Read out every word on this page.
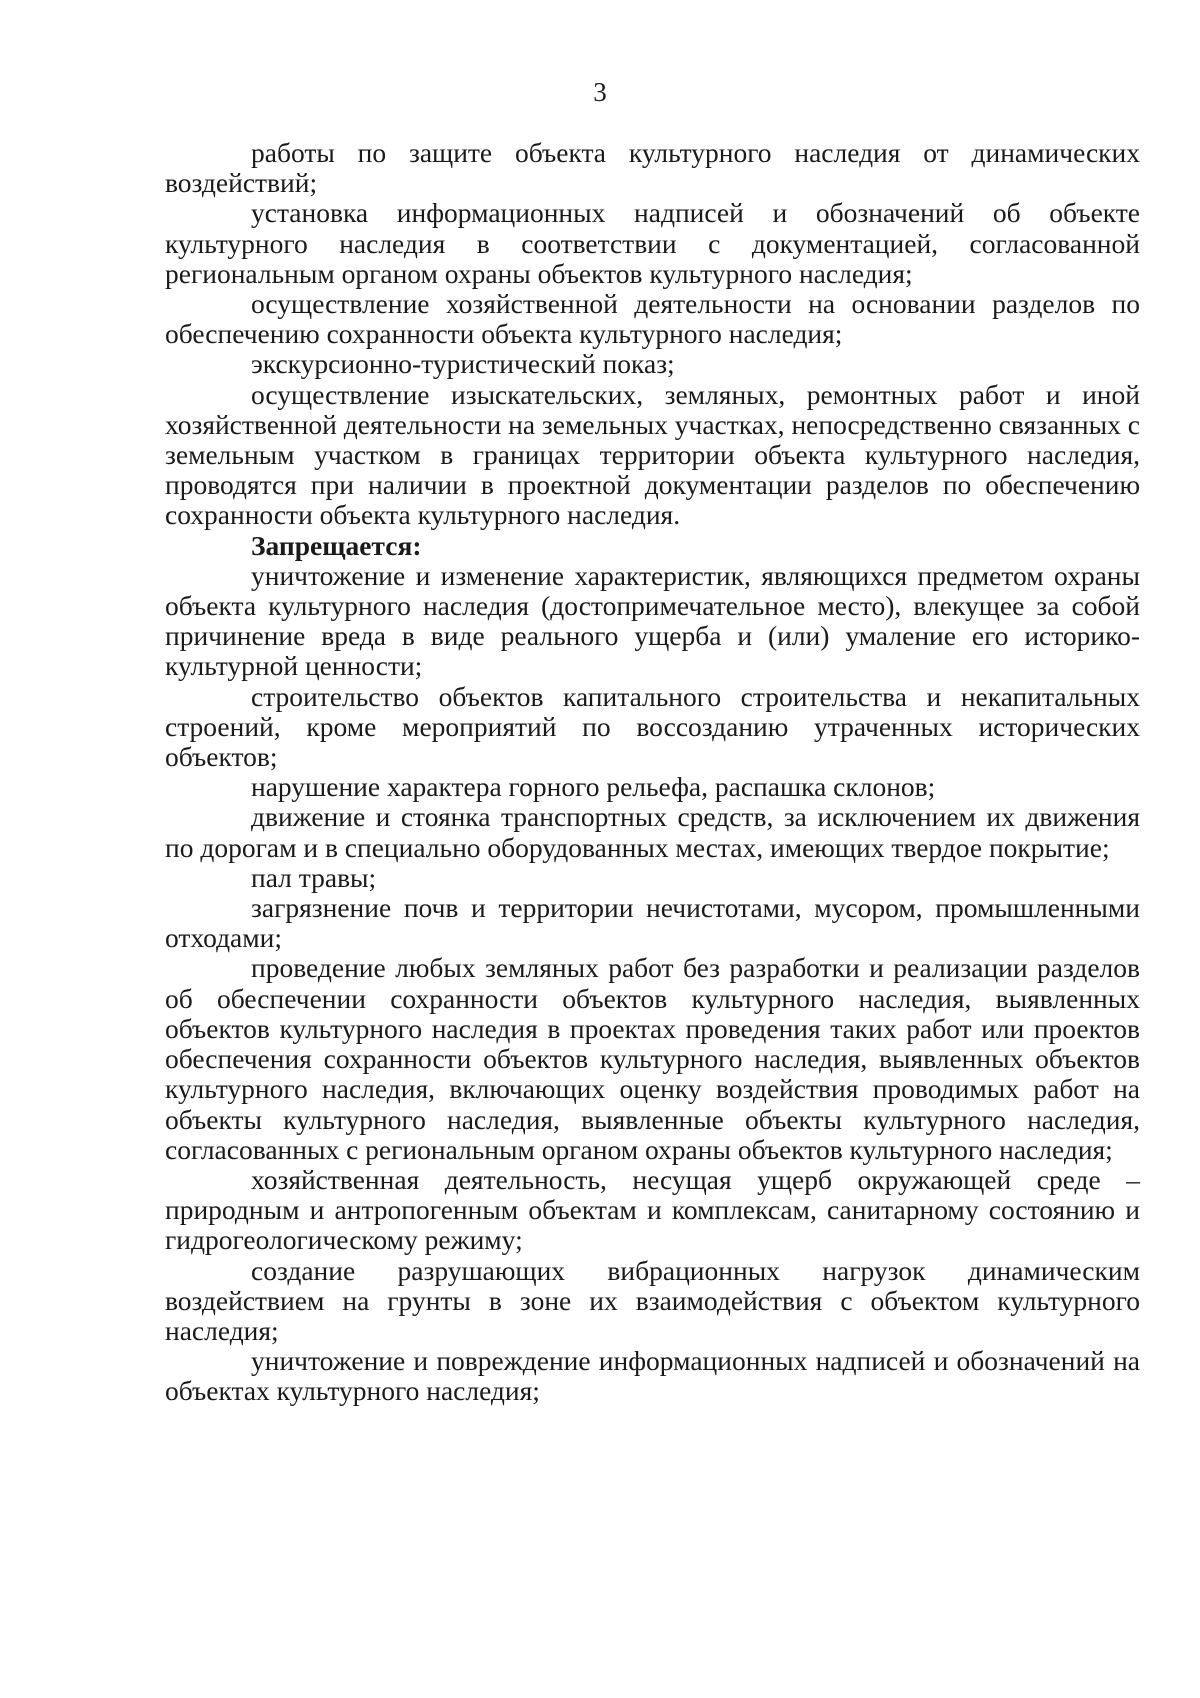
3

работы по защите объекта культурного наследия от динамических воздействий;

установка информационных надписей и обозначений об объекте культурного наследия в соответствии с документацией, согласованной региональным органом охраны объектов культурного наследия;

осуществление хозяйственной деятельности на основании разделов по обеспечению сохранности объекта культурного наследия;

экскурсионно-туристический показ;

осуществление изыскательских, земляных, ремонтных работ и иной хозяйственной деятельности на земельных участках, непосредственно связанных с земельным участком в границах территории объекта культурного наследия, проводятся при наличии в проектной документации разделов по обеспечению сохранности объекта культурного наследия.

Запрещается:

уничтожение и изменение характеристик, являющихся предметом охраны объекта культурного наследия (достопримечательное место), влекущее за собой причинение вреда в виде реального ущерба и (или) умаление его историко-культурной ценности;

строительство объектов капитального строительства и некапитальных строений, кроме мероприятий по воссозданию утраченных исторических объектов;

нарушение характера горного рельефа, распашка склонов;

движение и стоянка транспортных средств, за исключением их движения по дорогам и в специально оборудованных местах, имеющих твердое покрытие;

пал травы;

загрязнение почв и территории нечистотами, мусором, промышленными отходами;

проведение любых земляных работ без разработки и реализации разделов об обеспечении сохранности объектов культурного наследия, выявленных объектов культурного наследия в проектах проведения таких работ или проектов обеспечения сохранности объектов культурного наследия, выявленных объектов культурного наследия, включающих оценку воздействия проводимых работ на объекты культурного наследия, выявленные объекты культурного наследия, согласованных с региональным органом охраны объектов культурного наследия;

хозяйственная деятельность, несущая ущерб окружающей среде – природным и антропогенным объектам и комплексам, санитарному состоянию и гидрогеологическому режиму;

создание разрушающих вибрационных нагрузок динамическим воздействием на грунты в зоне их взаимодействия с объектом культурного наследия;

уничтожение и повреждение информационных надписей и обозначений на объектах культурного наследия;
